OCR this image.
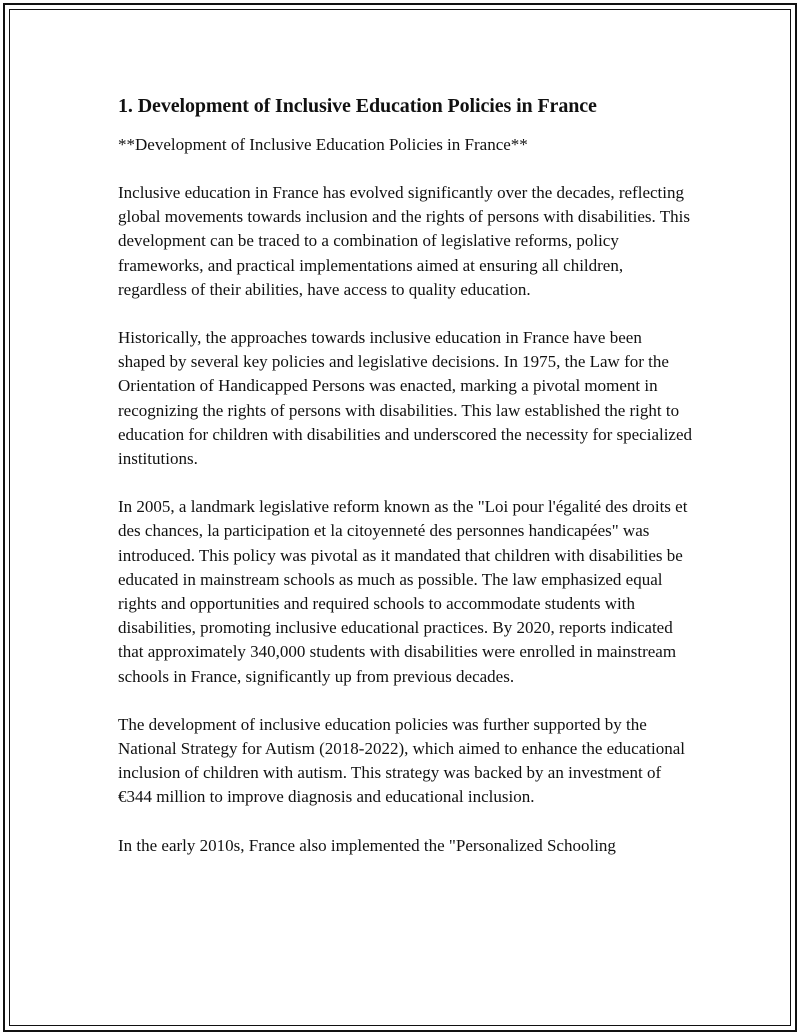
1. Development of Inclusive Education Policies in France

**Development of Inclusive Education Policies in France**

Inclusive education in France has evolved significantly over the decades, reflecting global movements towards inclusion and the rights of persons with disabilities. This development can be traced to a combination of legislative reforms, policy frameworks, and practical implementations aimed at ensuring all children, regardless of their abilities, have access to quality education.

Historically, the approaches towards inclusive education in France have been shaped by several key policies and legislative decisions. In 1975, the Law for the Orientation of Handicapped Persons was enacted, marking a pivotal moment in recognizing the rights of persons with disabilities. This law established the right to education for children with disabilities and underscored the necessity for specialized institutions.

In 2005, a landmark legislative reform known as the "Loi pour l'égalité des droits et des chances, la participation et la citoyenneté des personnes handicapées" was introduced. This policy was pivotal as it mandated that children with disabilities be educated in mainstream schools as much as possible. The law emphasized equal rights and opportunities and required schools to accommodate students with disabilities, promoting inclusive educational practices. By 2020, reports indicated that approximately 340,000 students with disabilities were enrolled in mainstream schools in France, significantly up from previous decades.

The development of inclusive education policies was further supported by the National Strategy for Autism (2018-2022), which aimed to enhance the educational inclusion of children with autism. This strategy was backed by an investment of €344 million to improve diagnosis and educational inclusion.

In the early 2010s, France also implemented the "Personalized Schooling
